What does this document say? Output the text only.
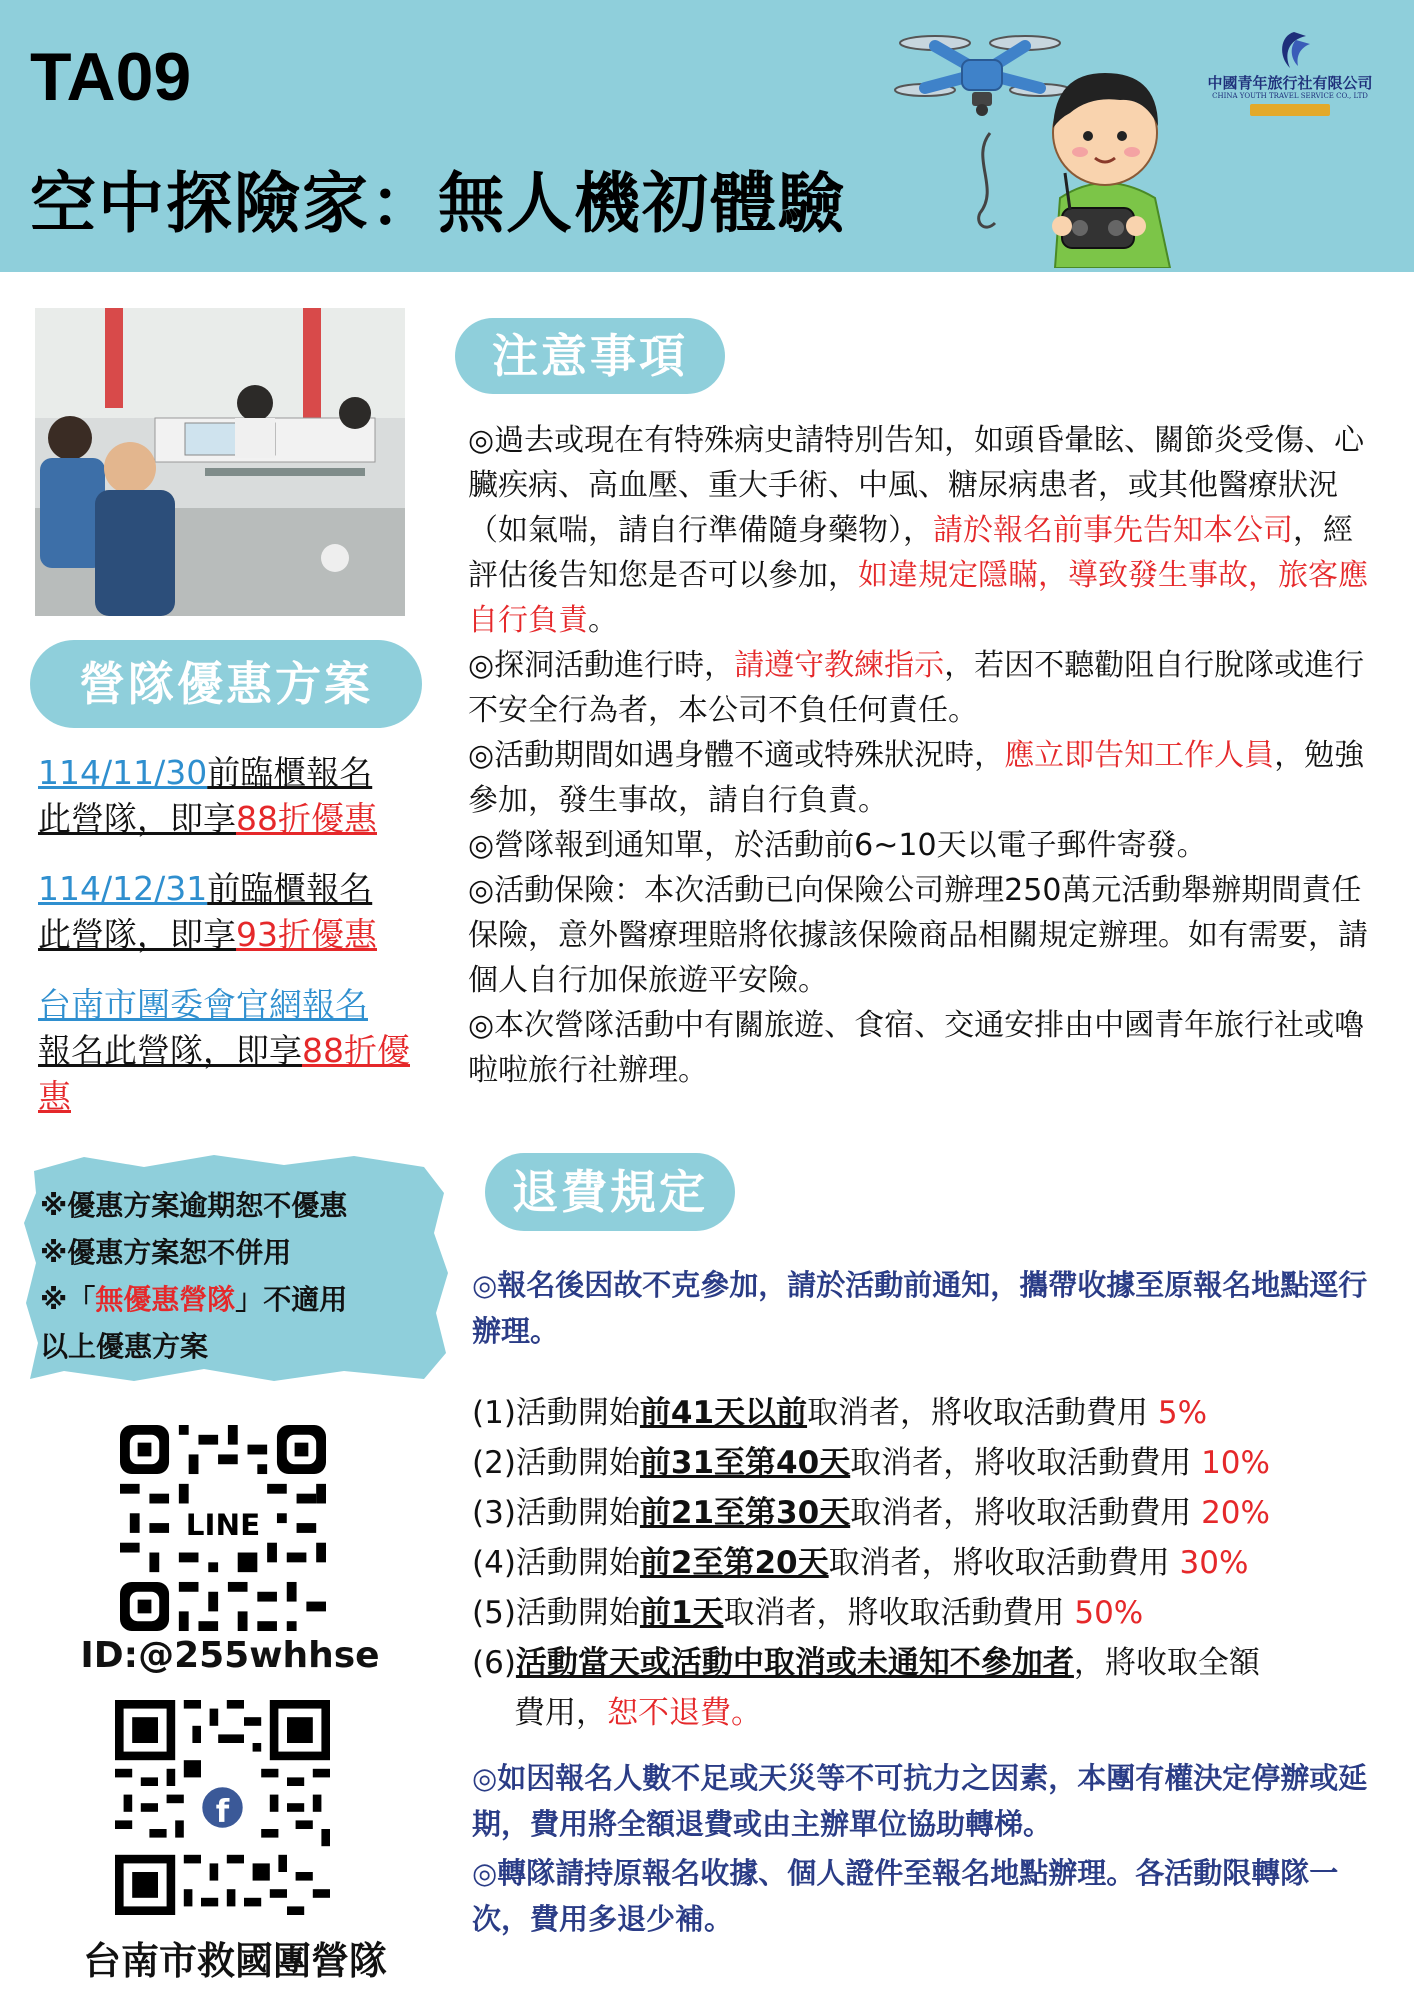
TA09
空中探險家：無人機初體驗
中國青年旅行社有限公司
CHINA YOUTH TRAVEL SERVICE CO., LTD
營隊優惠方案
114/11/30前臨櫃報名
此營隊，即享88折優惠
114/12/31前臨櫃報名
此營隊，即享93折優惠
台南市團委會官網報名
報名此營隊，即享88折優惠
※優惠方案逾期恕不優惠
※優惠方案恕不併用
※「無優惠營隊」不適用
以上優惠方案
LINE
ID:@255whhse
f
台南市救國團營隊
注意事項

◎過去或現在有特殊病史請特別告知，如頭昏暈眩、關節炎受傷、心臟疾病、高血壓、重大手術、中風、糖尿病患者，或其他醫療狀況（如氣喘，請自行準備隨身藥物），請於報名前事先告知本公司，經評估後告知您是否可以參加，如違規定隱瞞，導致發生事故，旅客應自行負責。

◎探洞活動進行時，請遵守教練指示，若因不聽勸阻自行脫隊或進行不安全行為者，本公司不負任何責任。

◎活動期間如遇身體不適或特殊狀況時，應立即告知工作人員，勉強參加，發生事故，請自行負責。

◎營隊報到通知單，於活動前6~10天以電子郵件寄發。

◎活動保險：本次活動已向保險公司辦理250萬元活動舉辦期間責任保險，意外醫療理賠將依據該保險商品相關規定辦理。如有需要，請個人自行加保旅遊平安險。

◎本次營隊活動中有關旅遊、食宿、交通安排由中國青年旅行社或嚕啦啦旅行社辦理。

退費規定
◎報名後因故不克參加，請於活動前通知，攜帶收據至原報名地點逕行辦理。

(1)活動開始前41天以前取消者，將收取活動費用 5%

(2)活動開始前31至第40天取消者，將收取活動費用 10%

(3)活動開始前21至第30天取消者，將收取活動費用 20%

(4)活動開始前2至第20天取消者，將收取活動費用 30%

(5)活動開始前1天取消者，將收取活動費用 50%

(6)活動當天或活動中取消或未通知不參加者，將收取全額

費用，恕不退費。

◎如因報名人數不足或天災等不可抗力之因素，本團有權決定停辦或延期，費用將全額退費或由主辦單位協助轉梯。
◎轉隊請持原報名收據、個人證件至報名地點辦理。各活動限轉隊一次，費用多退少補。
